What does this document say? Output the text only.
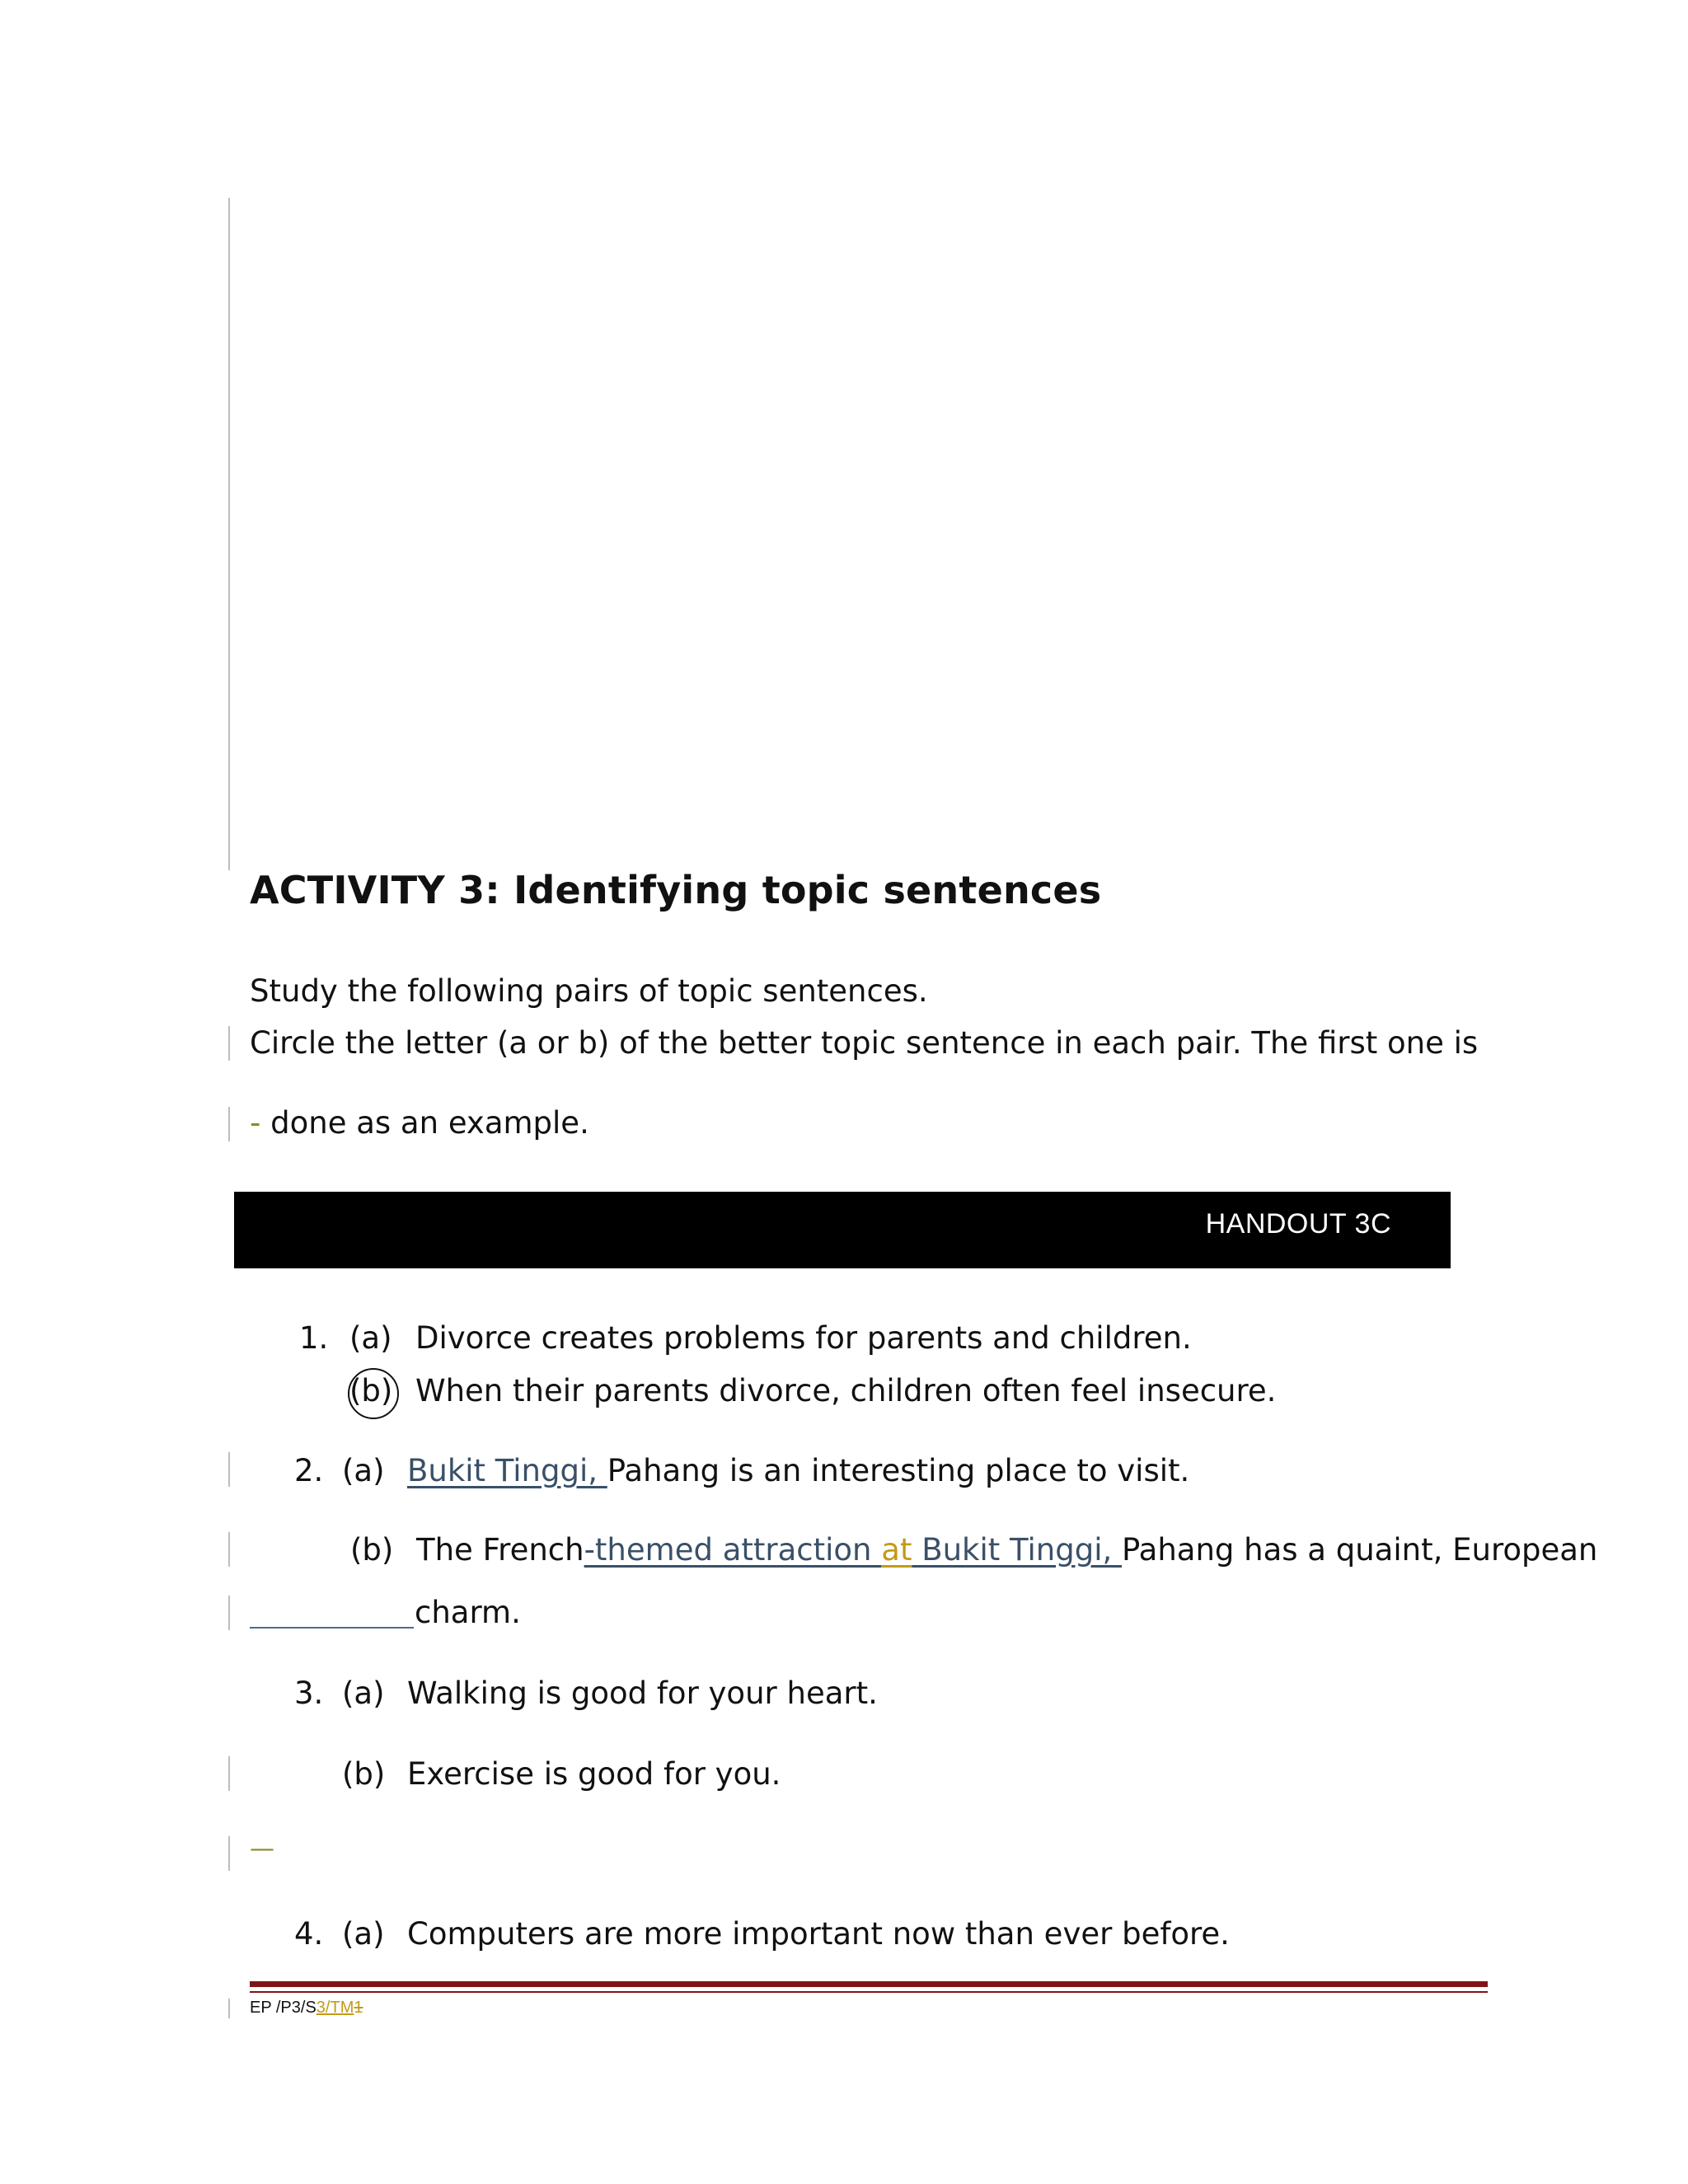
ACTIVITY 3: Identifying topic sentences
Study the following pairs of topic sentences.
Circle the letter (a or b) of the better topic sentence in each pair. The first one is
- done as an example.
HANDOUT 3C
1. (a) Divorce creates problems for parents and children.
(b) When their parents divorce, children often feel insecure.
2. (a) Bukit Tinggi, Pahang is an interesting place to visit.
(b) The French-themed attraction at Bukit Tinggi, Pahang has a quaint, European
charm.
3. (a) Walking is good for your heart.
(b) Exercise is good for you.
—
4. (a) Computers are more important now than ever before.
EP /P3/S3/TM1
